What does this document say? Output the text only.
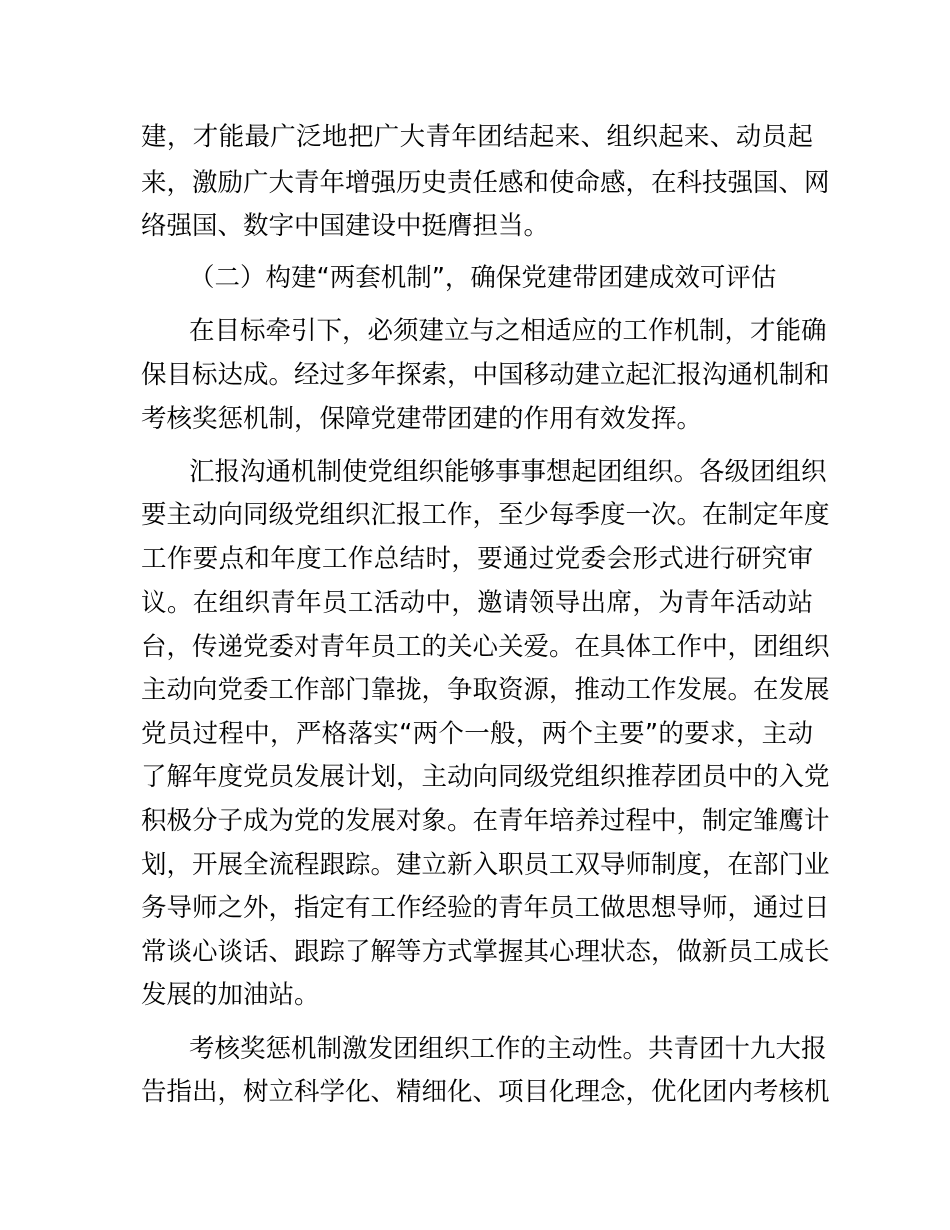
建，才能最广泛地把广大青年团结起来、组织起来、动员起
来，激励广大青年增强历史责任感和使命感，在科技强国、网
络强国、数字中国建设中挺膺担当。
（二）构建“两套机制”，确保党建带团建成效可评估
在目标牵引下，必须建立与之相适应的工作机制，才能确
保目标达成。经过多年探索，中国移动建立起汇报沟通机制和
考核奖惩机制，保障党建带团建的作用有效发挥。
汇报沟通机制使党组织能够事事想起团组织。各级团组织
要主动向同级党组织汇报工作，至少每季度一次。在制定年度
工作要点和年度工作总结时，要通过党委会形式进行研究审
议。在组织青年员工活动中，邀请领导出席，为青年活动站
台，传递党委对青年员工的关心关爱。在具体工作中，团组织
主动向党委工作部门靠拢，争取资源，推动工作发展。在发展
党员过程中，严格落实“两个一般，两个主要”的要求，主动
了解年度党员发展计划，主动向同级党组织推荐团员中的入党
积极分子成为党的发展对象。在青年培养过程中，制定雏鹰计
划，开展全流程跟踪。建立新入职员工双导师制度，在部门业
务导师之外，指定有工作经验的青年员工做思想导师，通过日
常谈心谈话、跟踪了解等方式掌握其心理状态，做新员工成长
发展的加油站。
考核奖惩机制激发团组织工作的主动性。共青团十九大报
告指出，树立科学化、精细化、项目化理念，优化团内考核机
